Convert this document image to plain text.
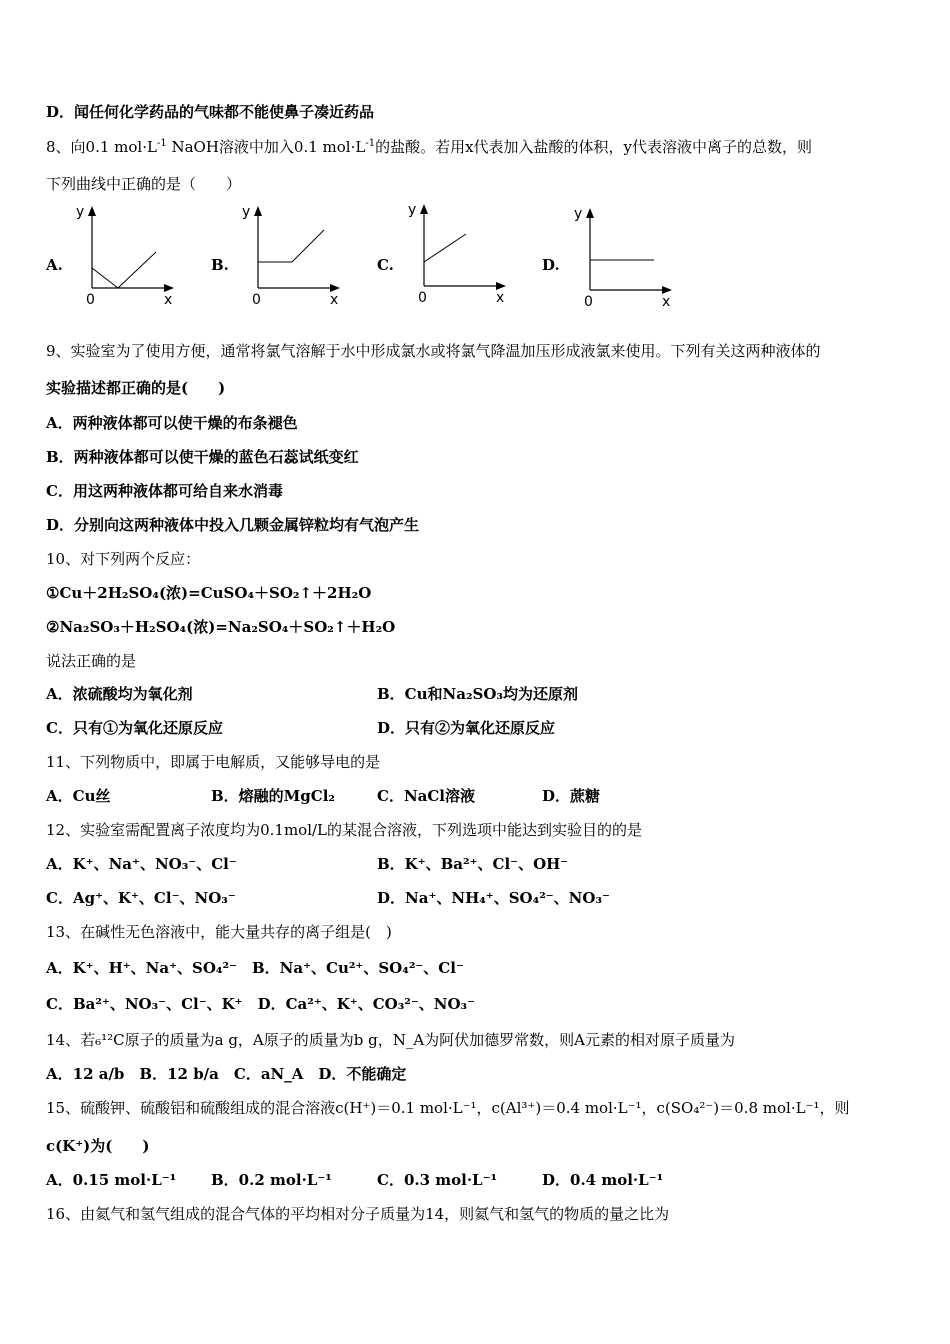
D．闻任何化学药品的气味都不能使鼻子凑近药品
8、向0.1 $mol\cdot L^{-1}$ NaOH溶液中加入0.1 $mol\cdot L^{-1}$的盐酸。若用x代表加入盐酸的体积，y代表溶液中离子的总数，则
下列曲线中正确的是（　　）
A.	B.	C.	D.
y
0	x
y
0	x
y
0	x
y
0	x
9、实验室为了使用方便，通常将氯气溶解于水中形成氯水或将氯气降温加压形成液氯来使用。下列有关这两种液体的
实验描述都正确的是(　　)
A．两种液体都可以使干燥的布条褪色
B．两种液体都可以使干燥的蓝色石蕊试纸变红
C．用这两种液体都可给自来水消毒
D．分别向这两种液体中投入几颗金属锌粒均有气泡产生
10、对下列两个反应：
①Cu＋2H₂SO₄(浓)=CuSO₄＋SO₂↑＋2H₂O
②Na₂SO₃＋H₂SO₄(浓)=Na₂SO₄＋SO₂↑＋H₂O
说法正确的是
A．浓硫酸均为氧化剂	B．Cu和Na₂SO₃均为还原剂
C．只有①为氧化还原反应	D．只有②为氧化还原反应
11、下列物质中，即属于电解质，又能够导电的是
A．Cu丝	B．熔融的MgCl₂	C．NaCl溶液	D．蔗糖
12、实验室需配置离子浓度均为0.1mol/L的某混合溶液，下列选项中能达到实验目的的是
A．K⁺、Na⁺、NO₃⁻、Cl⁻	B．K⁺、Ba²⁺、Cl⁻、OH⁻
C．Ag⁺、K⁺、Cl⁻、NO₃⁻	D．Na⁺、NH₄⁺、SO₄²⁻、NO₃⁻
13、在碱性无色溶液中，能大量共存的离子组是(　)
A．K⁺、H⁺、Na⁺、SO₄²⁻　B．Na⁺、Cu²⁺、SO₄²⁻、Cl⁻
C．Ba²⁺、NO₃⁻、Cl⁻、K⁺　D．Ca²⁺、K⁺、CO₃²⁻、NO₃⁻
14、若₆¹²C原子的质量为a g，A原子的质量为b g，N_A为阿伏加德罗常数，则A元素的相对原子质量为
A．12 a/b　B．12 b/a　C．aN_A　D．不能确定
15、硫酸钾、硫酸铝和硫酸组成的混合溶液c(H⁺)＝0.1 mol·L⁻¹，c(Al³⁺)＝0.4 mol·L⁻¹，c(SO₄²⁻)＝0.8 mol·L⁻¹，则
c(K⁺)为(　　)
A．0.15 mol·L⁻¹ B．0.2 mol·L⁻¹	C．0.3 mol·L⁻¹	D．0.4 mol·L⁻¹
16、由氦气和氢气组成的混合气体的平均相对分子质量为14，则氦气和氢气的物质的量之比为
